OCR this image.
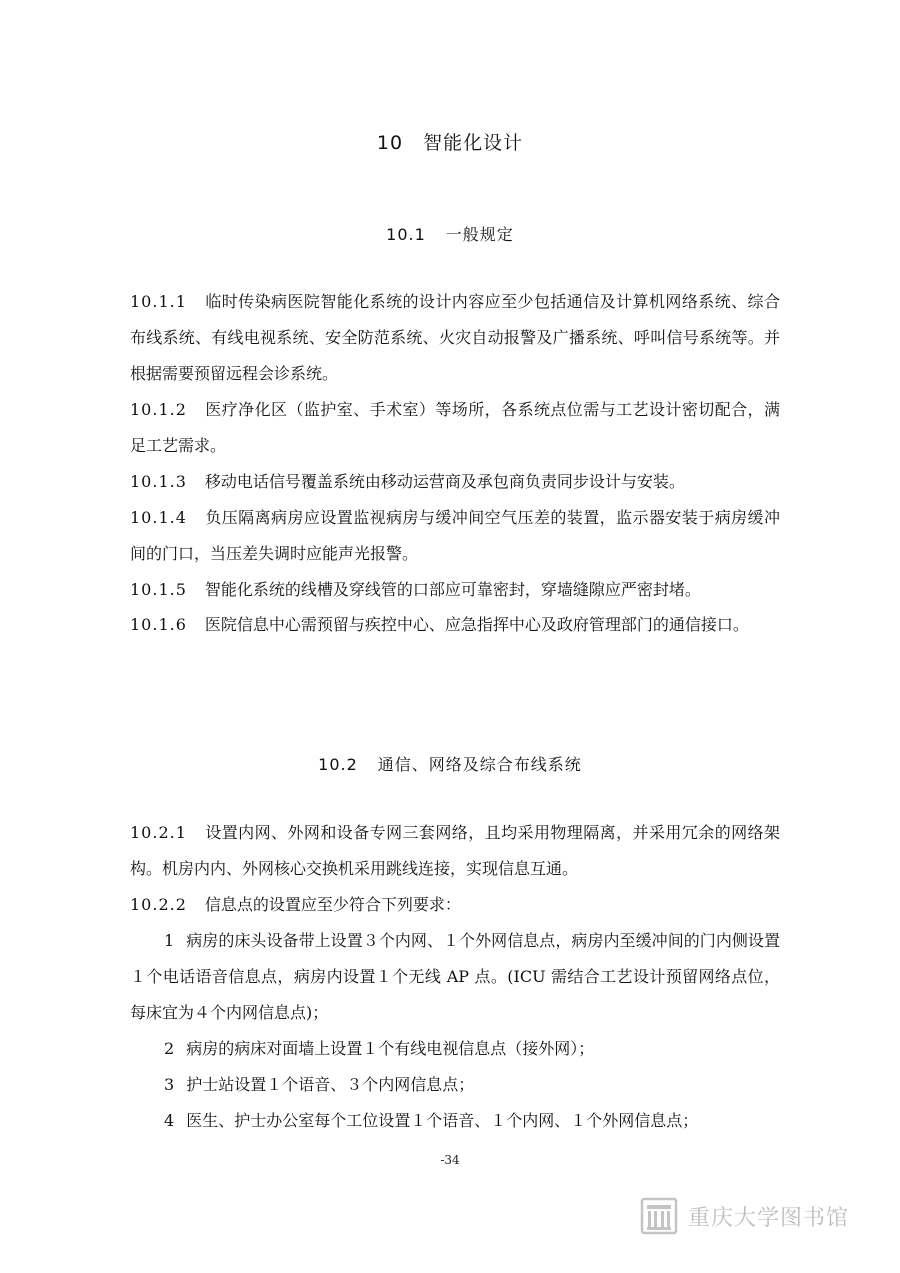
10 智能化设计
10.1 一般规定
10.1.1 临时传染病医院智能化系统的设计内容应至少包括通信及计算机网络系统、综合布线系统、有线电视系统、安全防范系统、火灾自动报警及广播系统、呼叫信号系统等。并根据需要预留远程会诊系统。
10.1.2 医疗净化区（监护室、手术室）等场所，各系统点位需与工艺设计密切配合，满足工艺需求。
10.1.3 移动电话信号覆盖系统由移动运营商及承包商负责同步设计与安装。
10.1.4 负压隔离病房应设置监视病房与缓冲间空气压差的装置，监示器安装于病房缓冲间的门口，当压差失调时应能声光报警。
10.1.5 智能化系统的线槽及穿线管的口部应可靠密封，穿墙缝隙应严密封堵。
10.1.6 医院信息中心需预留与疾控中心、应急指挥中心及政府管理部门的通信接口。
10.2 通信、网络及综合布线系统
10.2.1 设置内网、外网和设备专网三套网络，且均采用物理隔离，并采用冗余的网络架构。机房内内、外网核心交换机采用跳线连接，实现信息互通。
10.2.2 信息点的设置应至少符合下列要求：
1 病房的床头设备带上设置３个内网、１个外网信息点，病房内至缓冲间的门内侧设置１个电话语音信息点，病房内设置１个无线 AP 点。(ICU 需结合工艺设计预留网络点位，每床宜为４个内网信息点)；
2 病房的病床对面墙上设置１个有线电视信息点（接外网）；
3 护士站设置１个语音、３个内网信息点；
4 医生、护士办公室每个工位设置１个语音、１个内网、１个外网信息点；
-34
重庆大学图书馆
